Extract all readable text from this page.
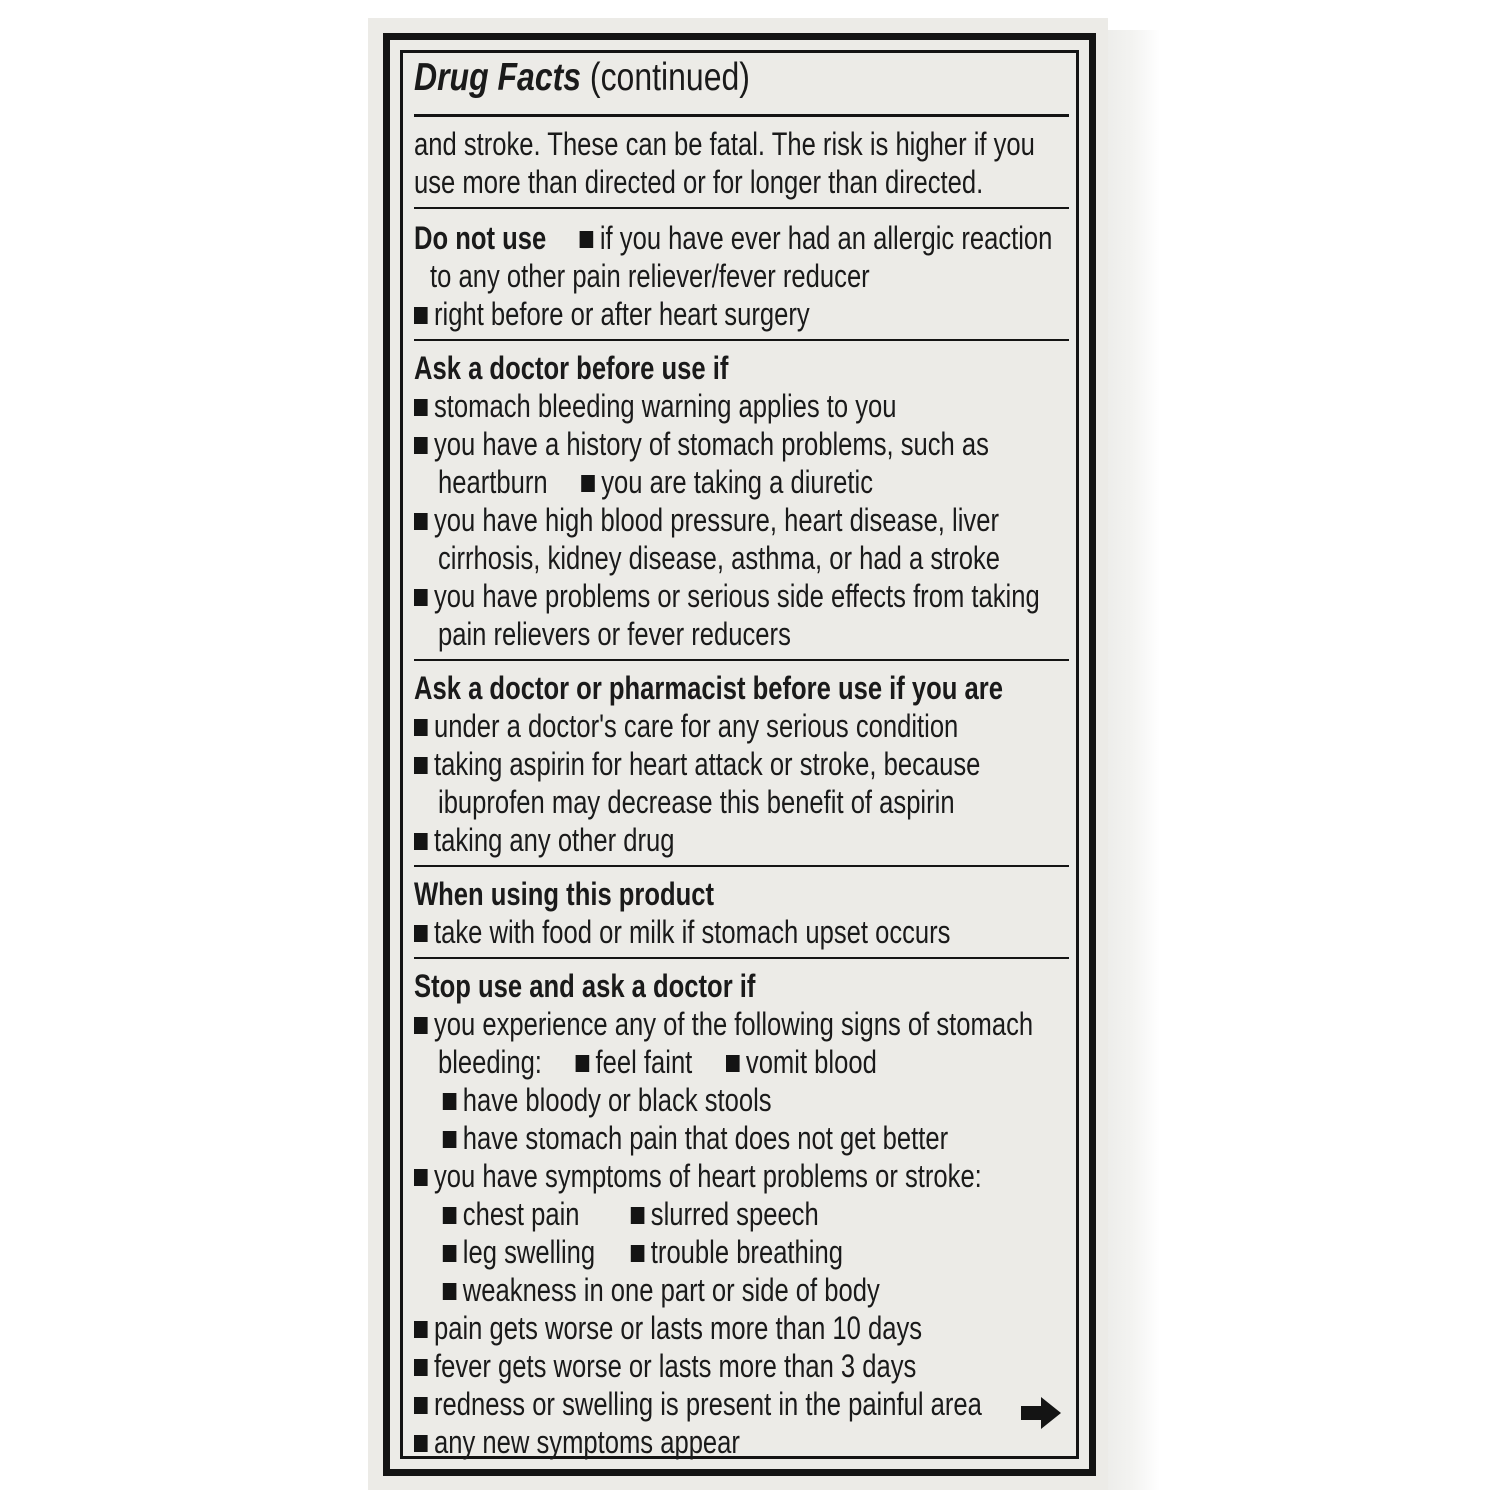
Drug Facts (continued)
and stroke. These can be fatal. The risk is higher if you
use more than directed or for longer than directed.
Do not use if you have ever had an allergic reaction
to any other pain reliever/fever reducer
right before or after heart surgery
Ask a doctor before use if
stomach bleeding warning applies to you
you have a history of stomach problems, such as
heartburn you are taking a diuretic
you have high blood pressure, heart disease, liver
cirrhosis, kidney disease, asthma, or had a stroke
you have problems or serious side effects from taking
pain relievers or fever reducers
Ask a doctor or pharmacist before use if you are
under a doctor's care for any serious condition
taking aspirin for heart attack or stroke, because
ibuprofen may decrease this benefit of aspirin
taking any other drug
When using this product
take with food or milk if stomach upset occurs
Stop use and ask a doctor if
you experience any of the following signs of stomach
bleeding: feel faint vomit blood
have bloody or black stools
have stomach pain that does not get better
you have symptoms of heart problems or stroke:
chest pain slurred speech
leg swelling trouble breathing
weakness in one part or side of body
pain gets worse or lasts more than 10 days
fever gets worse or lasts more than 3 days
redness or swelling is present in the painful area
any new symptoms appear
